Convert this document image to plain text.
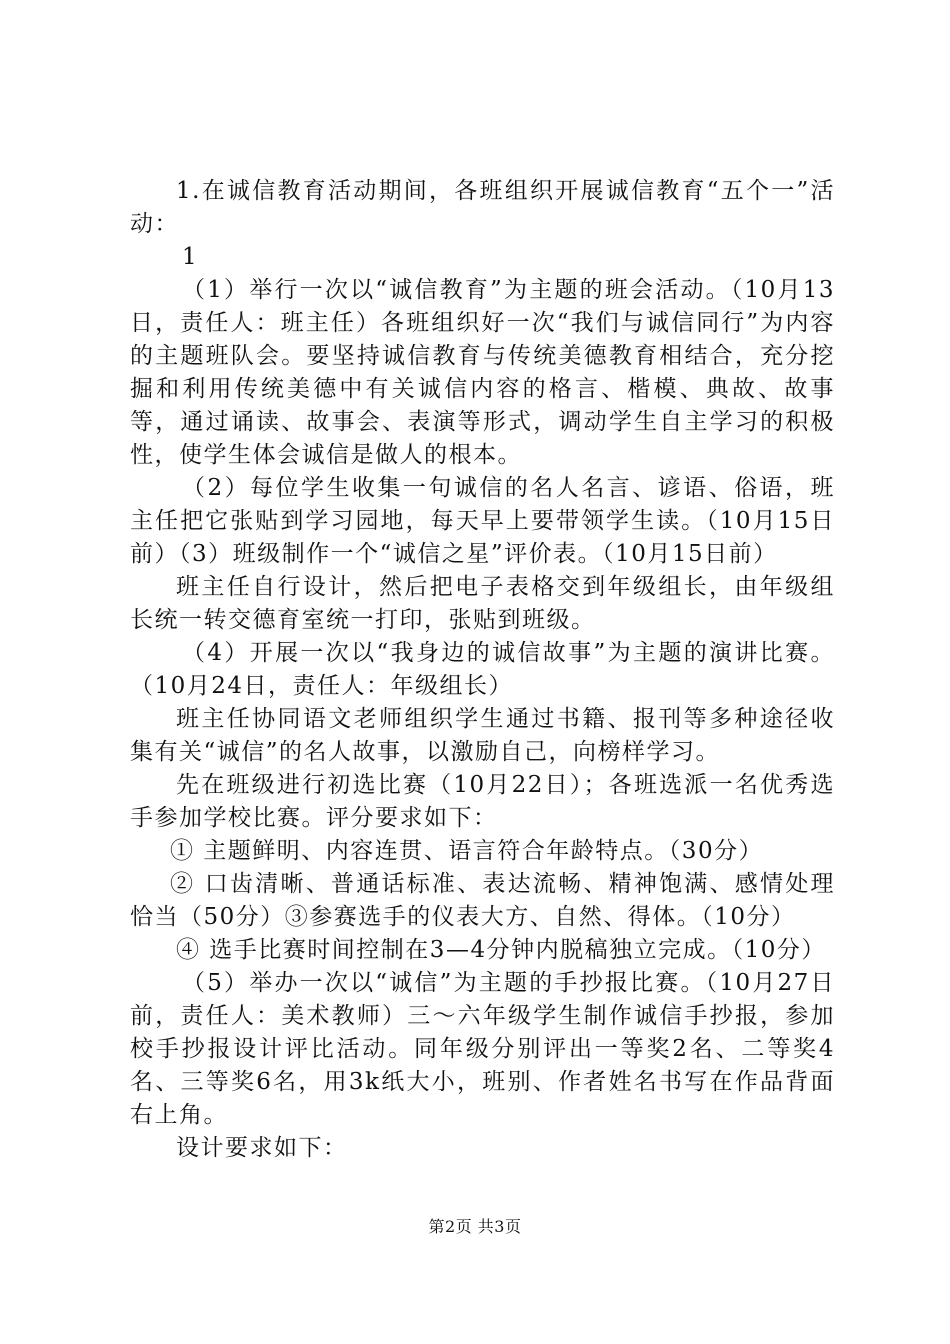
1.在诚信教育活动期间，各班组织开展诚信教育“五个一”活动：

1

（1）举行一次以“诚信教育”为主题的班会活动。（10月13日，责任人：班主任）各班组织好一次“我们与诚信同行”为内容的主题班队会。要坚持诚信教育与传统美德教育相结合，充分挖掘和利用传统美德中有关诚信内容的格言、楷模、典故、故事等，通过诵读、故事会、表演等形式，调动学生自主学习的积极性，使学生体会诚信是做人的根本。

（2）每位学生收集一句诚信的名人名言、谚语、俗语，班主任把它张贴到学习园地，每天早上要带领学生读。（10月15日前）（3）班级制作一个“诚信之星”评价表。（10月15日前）

班主任自行设计，然后把电子表格交到年级组长，由年级组长统一转交德育室统一打印，张贴到班级。

（4）开展一次以“我身边的诚信故事”为主题的演讲比赛。（10月24日，责任人：年级组长）

班主任协同语文老师组织学生通过书籍、报刊等多种途径收集有关“诚信”的名人故事，以激励自己，向榜样学习。

先在班级进行初选比赛（10月22日）；各班选派一名优秀选手参加学校比赛。评分要求如下：

① 主题鲜明、内容连贯、语言符合年龄特点。（30分）

② 口齿清晰、普通话标准、表达流畅、精神饱满、感情处理恰当（50分）③参赛选手的仪表大方、自然、得体。（10分）

④ 选手比赛时间控制在3—4分钟内脱稿独立完成。（10分）

（5）举办一次以“诚信”为主题的手抄报比赛。（10月27日前，责任人：美术教师）三～六年级学生制作诚信手抄报，参加校手抄报设计评比活动。同年级分别评出一等奖2名、二等奖4名、三等奖6名，用3k纸大小，班别、作者姓名书写在作品背面右上角。

设计要求如下：

第2页 共3页
